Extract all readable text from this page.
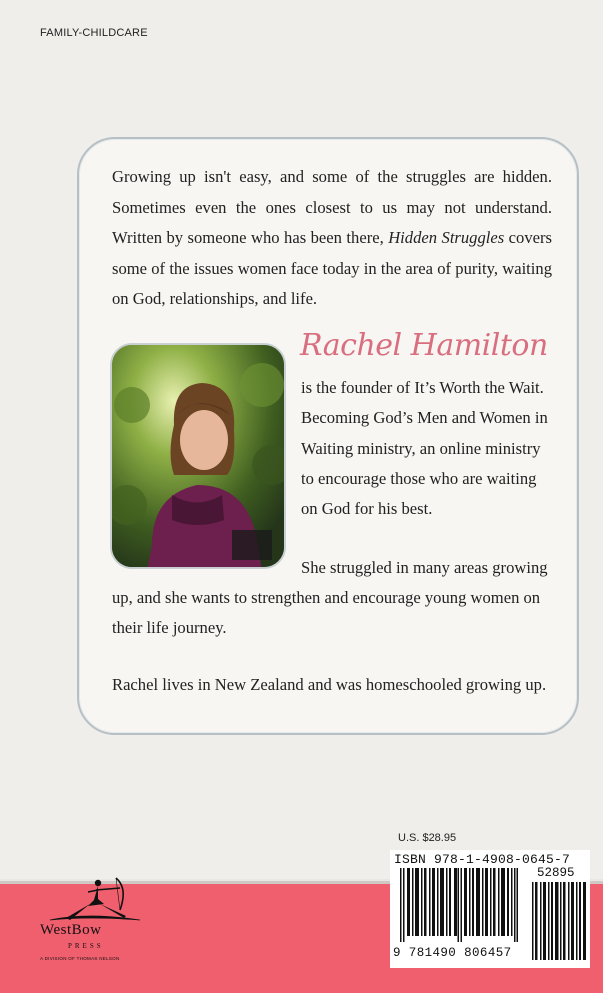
FAMILY-CHILDCARE

Growing up isn't easy, and some of the struggles are hidden. Sometimes even the ones closest to us may not understand. Written by someone who has been there, Hidden Struggles covers some of the issues women face today in the area of purity, waiting on God, relationships, and life.

Rachel Hamilton

is the founder of It’s Worth the Wait. Becoming God’s Men and Women in Waiting ministry, an online ministry to encourage those who are waiting on God for his best.

She struggled in many areas growing

up, and she wants to strengthen and encourage young women on their life journey.

Rachel lives in New Zealand and was homeschooled growing up.

U.S. $28.95
WestBow
PRESS
A DIVISION OF THOMAS NELSON
ISBN 978-1-4908-0645-7
52895
9 781490 806457
